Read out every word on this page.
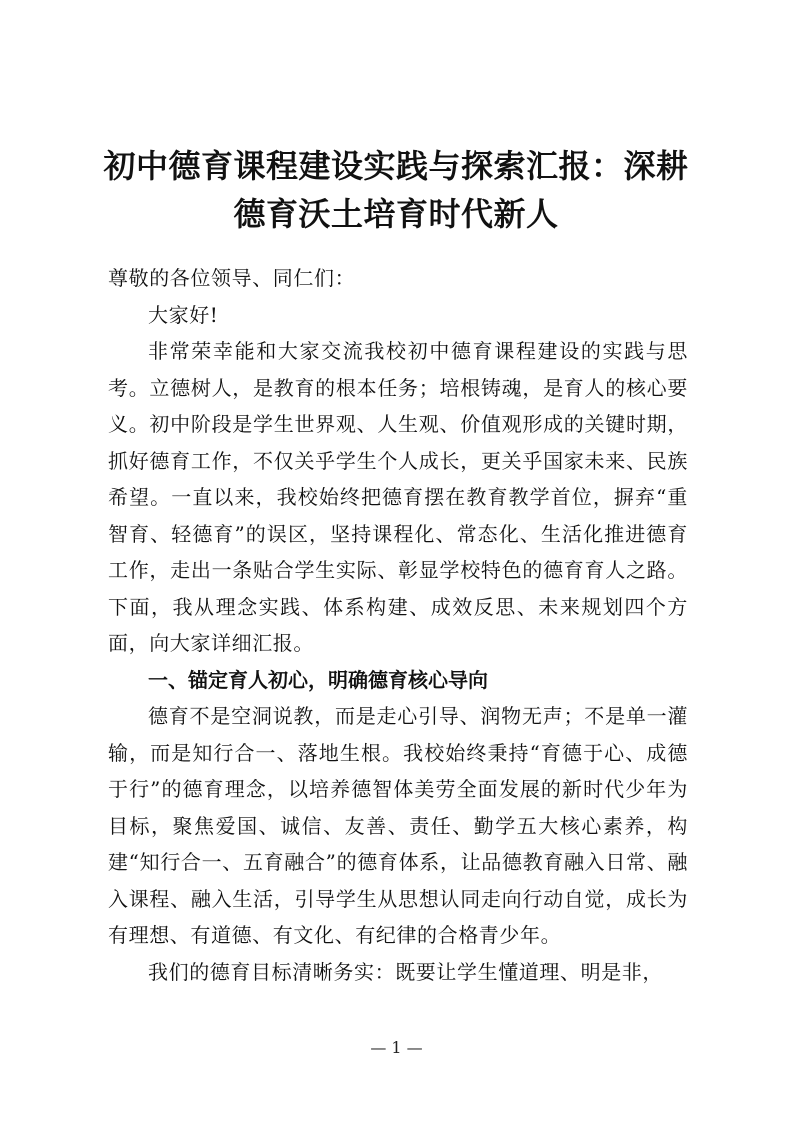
初中德育课程建设实践与探索汇报：深耕
德育沃土培育时代新人

尊敬的各位领导、同仁们：

大家好!

非常荣幸能和大家交流我校初中德育课程建设的实践与思考。立德树人，是教育的根本任务；培根铸魂，是育人的核心要义。初中阶段是学生世界观、人生观、价值观形成的关键时期，抓好德育工作，不仅关乎学生个人成长，更关乎国家未来、民族希望。一直以来，我校始终把德育摆在教育教学首位，摒弃“重智育、轻德育”的误区，坚持课程化、常态化、生活化推进德育工作，走出一条贴合学生实际、彰显学校特色的德育育人之路。下面，我从理念实践、体系构建、成效反思、未来规划四个方面，向大家详细汇报。

一、锚定育人初心，明确德育核心导向

德育不是空洞说教，而是走心引导、润物无声；不是单一灌输，而是知行合一、落地生根。我校始终秉持“育德于心、成德于行”的德育理念，以培养德智体美劳全面发展的新时代少年为目标，聚焦爱国、诚信、友善、责任、勤学五大核心素养，构建“知行合一、五育融合”的德育体系，让品德教育融入日常、融入课程、融入生活，引导学生从思想认同走向行动自觉，成长为有理想、有道德、有文化、有纪律的合格青少年。

我们的德育目标清晰务实：既要让学生懂道理、明是非，

— 1 —
